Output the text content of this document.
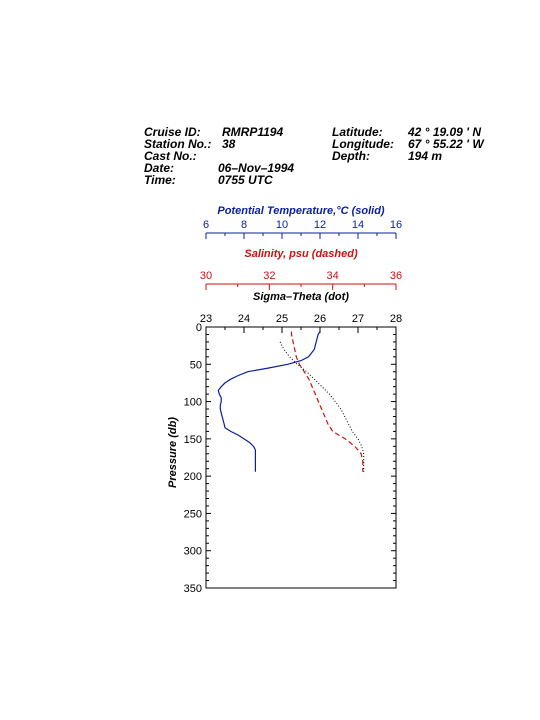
Cruise ID: RMRP1194
Station No.: 38
Cast No.:
Date:	06–Nov–1994
Time:	0755 UTC
Latitude: 42 ° 19.09 ' N
Longitude: 67 ° 55.22 ' W
Depth:	194 m
0
50
100
150
200
250
300
350
Pressure (db)
6	8	10 12 14 16
Potential Temperature,°C (solid)
30	32	34	36
Salinity, psu (dashed)
23 24 25 26 27 28
Sigma–Theta (dot)
